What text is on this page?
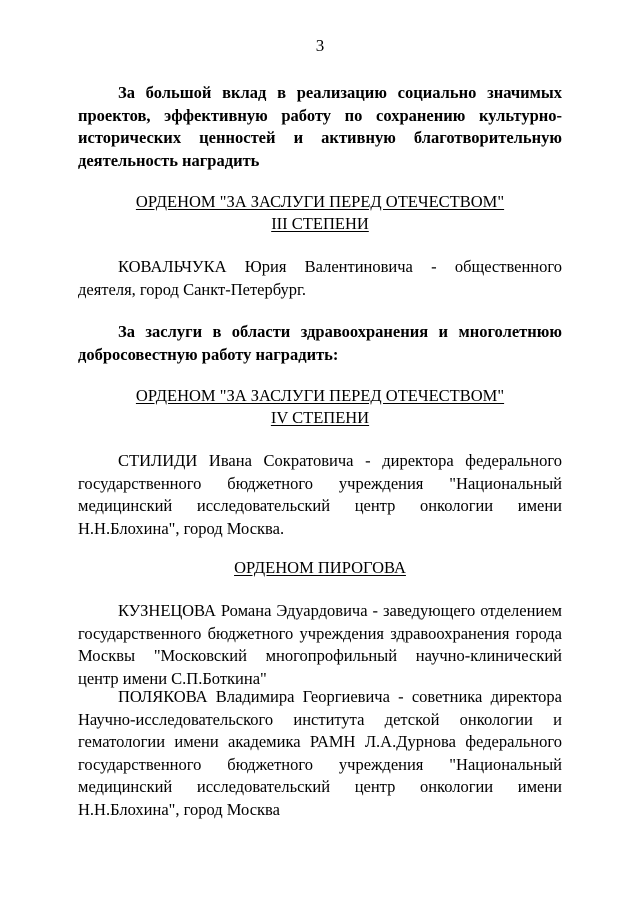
3
За большой вклад в реализацию социально значимых проектов, эффективную работу по сохранению культурно-исторических ценностей и активную благотворительную деятельность наградить
ОРДЕНОМ "ЗА ЗАСЛУГИ ПЕРЕД ОТЕЧЕСТВОМ"
III СТЕПЕНИ
КОВАЛЬЧУКА Юрия Валентиновича - общественного деятеля, город Санкт-Петербург.
За заслуги в области здравоохранения и многолетнюю добросовестную работу наградить:
ОРДЕНОМ "ЗА ЗАСЛУГИ ПЕРЕД ОТЕЧЕСТВОМ"
IV СТЕПЕНИ
СТИЛИДИ Ивана Сократовича - директора федерального государственного бюджетного учреждения "Национальный медицинский исследовательский центр онкологии имени Н.Н.Блохина", город Москва.
ОРДЕНОМ ПИРОГОВА
КУЗНЕЦОВА Романа Эдуардовича - заведующего отделением государственного бюджетного учреждения здравоохранения города Москвы "Московский многопрофильный научно-клинический центр имени С.П.Боткина"
ПОЛЯКОВА Владимира Георгиевича - советника директора Научно-исследовательского института детской онкологии и гематологии имени академика РАМН Л.А.Дурнова федерального государственного бюджетного учреждения "Национальный медицинский исследовательский центр онкологии имени Н.Н.Блохина", город Москва
